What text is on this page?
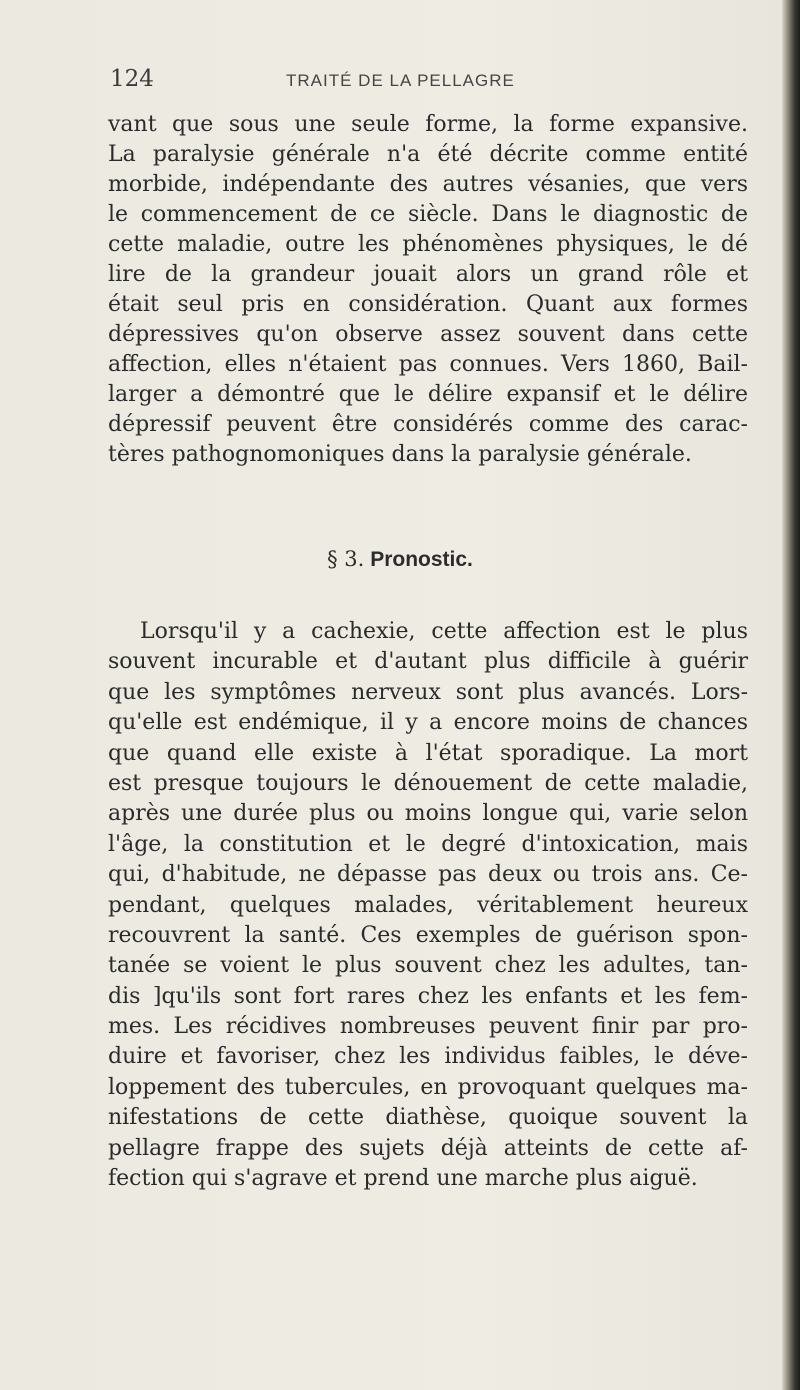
124	TRAITÉ DE LA PELLAGRE
vant que sous une seule forme, la forme expansive.
La paralysie générale n'a été décrite comme entité
morbide, indépendante des autres vésanies, que vers
le commencement de ce siècle. Dans le diagnostic de
cette maladie, outre les phénomènes physiques, le dé
lire de la grandeur jouait alors un grand rôle et
était seul pris en considération. Quant aux formes
dépressives qu'on observe assez souvent dans cette
affection, elles n'étaient pas connues. Vers 1860, Bail-
larger a démontré que le délire expansif et le délire
dépressif peuvent être considérés comme des carac-
tères pathognomoniques dans la paralysie générale.
§ 3. Pronostic.
Lorsqu'il y a cachexie, cette affection est le plus
souvent incurable et d'autant plus difficile à guérir
que les symptômes nerveux sont plus avancés. Lors-
qu'elle est endémique, il y a encore moins de chances
que quand elle existe à l'état sporadique. La mort
est presque toujours le dénouement de cette maladie,
après une durée plus ou moins longue qui, varie selon
l'âge, la constitution et le degré d'intoxication, mais
qui, d'habitude, ne dépasse pas deux ou trois ans. Ce-
pendant, quelques malades, véritablement heureux
recouvrent la santé. Ces exemples de guérison spon-
tanée se voient le plus souvent chez les adultes, tan-
dis ]qu'ils sont fort rares chez les enfants et les fem-
mes. Les récidives nombreuses peuvent finir par pro-
duire et favoriser, chez les individus faibles, le déve-
loppement des tubercules, en provoquant quelques ma-
nifestations de cette diathèse, quoique souvent la
pellagre frappe des sujets déjà atteints de cette af-
fection qui s'agrave et prend une marche plus aiguë.
